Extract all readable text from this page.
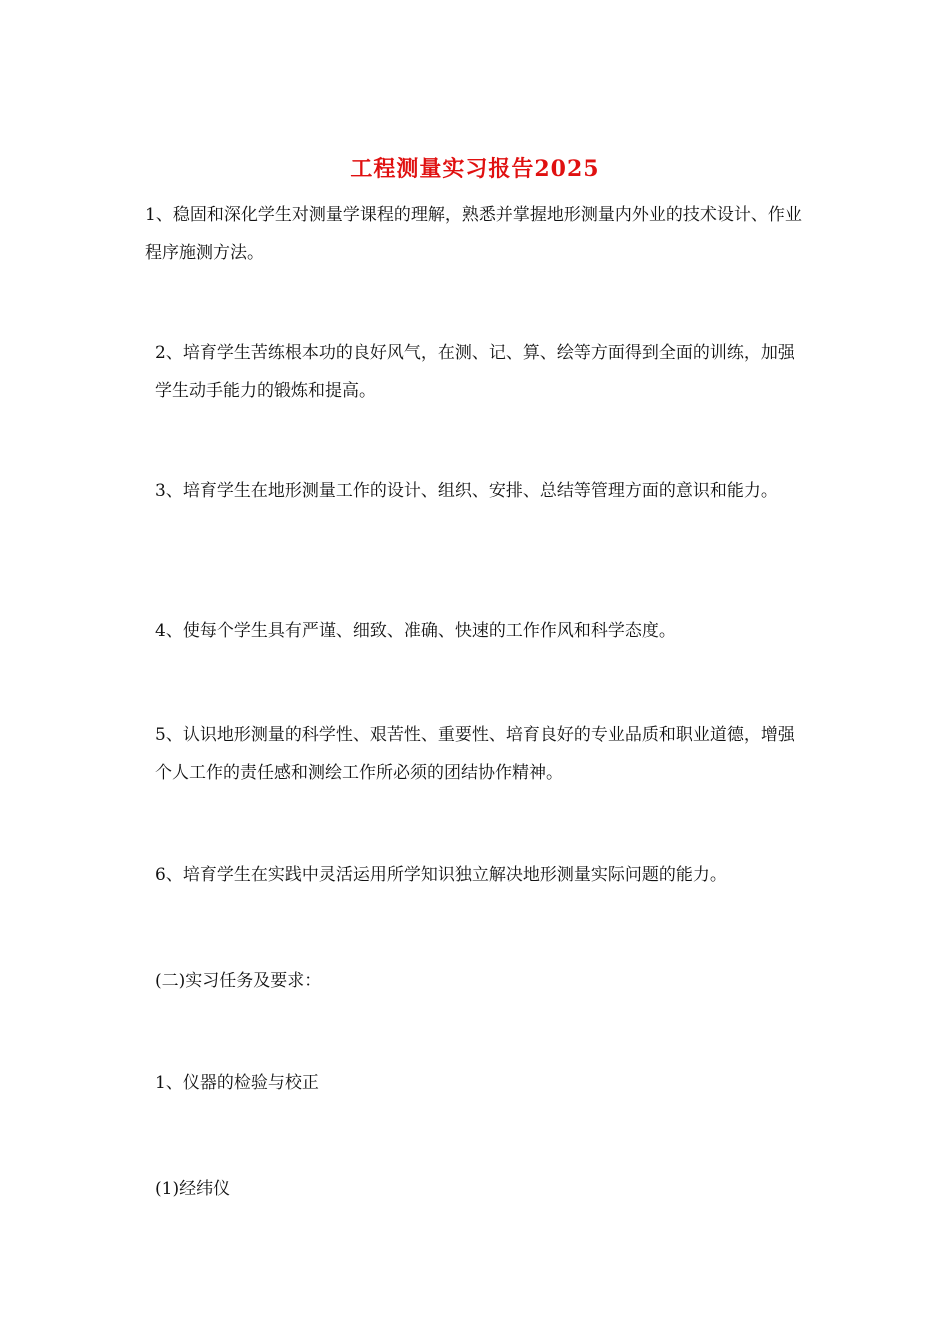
工程测量实习报告2025

1、稳固和深化学生对测量学课程的理解，熟悉并掌握地形测量内外业的技术设计、作业程序施测方法。

2、培育学生苦练根本功的良好风气，在测、记、算、绘等方面得到全面的训练，加强学生动手能力的锻炼和提高。

3、培育学生在地形测量工作的设计、组织、安排、总结等管理方面的意识和能力。

4、使每个学生具有严谨、细致、准确、快速的工作作风和科学态度。

5、认识地形测量的科学性、艰苦性、重要性、培育良好的专业品质和职业道德，增强个人工作的责任感和测绘工作所必须的团结协作精神。

6、培育学生在实践中灵活运用所学知识独立解决地形测量实际问题的能力。

(二)实习任务及要求：

1、仪器的检验与校正

(1)经纬仪
